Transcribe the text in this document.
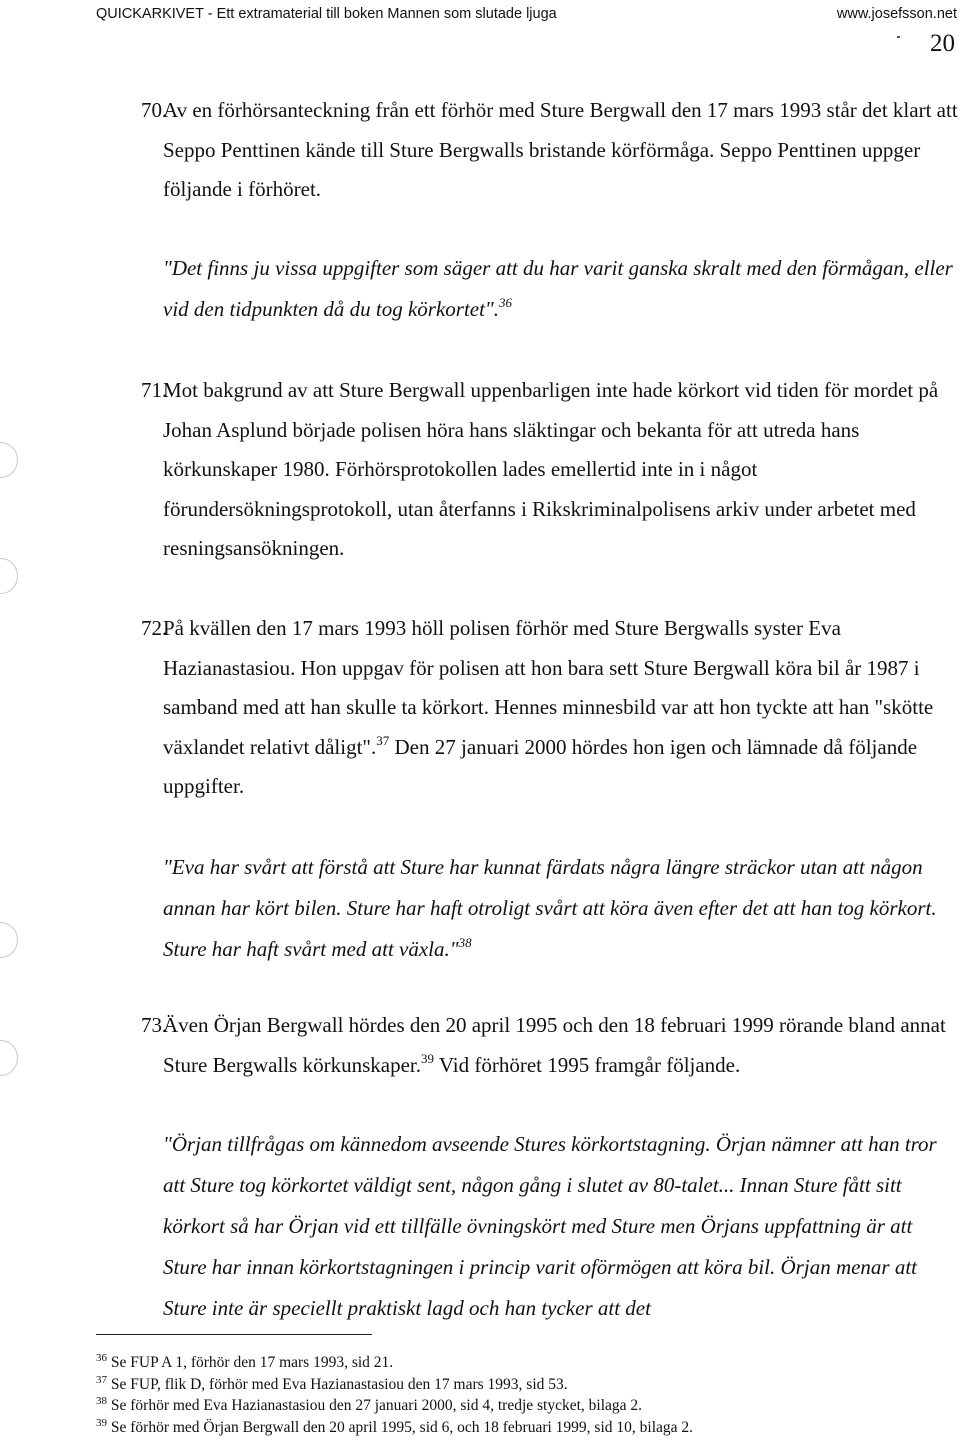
QUICKARKIVET - Ett extramaterial till boken Mannen som slutade ljuga	www.josefsson.net
20
70.
Av en förhörsanteckning från ett förhör med Sture Bergwall den 17 mars 1993 står det klart att Seppo Penttinen kände till Sture Bergwalls bristande körförmåga. Seppo Penttinen uppger följande i förhöret.
"Det finns ju vissa uppgifter som säger att du har varit ganska skralt med den förmågan, eller vid den tidpunkten då du tog körkortet".$^{36}$
71.
Mot bakgrund av att Sture Bergwall uppenbarligen inte hade körkort vid tiden för mordet på Johan Asplund började polisen höra hans släktingar och bekanta för att utreda hans körkunskaper 1980. Förhörsprotokollen lades emellertid inte in i något förundersökningsprotokoll, utan återfanns i Rikskriminalpolisens arkiv under arbetet med resningsansökningen.
72.
På kvällen den 17 mars 1993 höll polisen förhör med Sture Bergwalls syster Eva Hazianastasiou. Hon uppgav för polisen att hon bara sett Sture Bergwall köra bil år 1987 i samband med att han skulle ta körkort. Hennes minnesbild var att hon tyckte att han "skötte växlandet relativt dåligt".$^{37}$ Den 27 januari 2000 hördes hon igen och lämnade då följande uppgifter.
"Eva har svårt att förstå att Sture har kunnat färdats några längre sträckor utan att någon annan har kört bilen. Sture har haft otroligt svårt att köra även efter det att han tog körkort. Sture har haft svårt med att växla."$^{38}$
73.
Även Örjan Bergwall hördes den 20 april 1995 och den 18 februari 1999 rörande bland annat Sture Bergwalls körkunskaper.$^{39}$ Vid förhöret 1995 framgår följande.
"Örjan tillfrågas om kännedom avseende Stures körkortstagning. Örjan nämner att han tror att Sture tog körkortet väldigt sent, någon gång i slutet av 80-talet... Innan Sture fått sitt körkort så har Örjan vid ett tillfälle övningskört med Sture men Örjans uppfattning är att Sture har innan körkortstagningen i princip varit oförmögen att köra bil. Örjan menar att Sture inte är speciellt praktiskt lagd och han tycker att det
$^{36}$ Se FUP A 1, förhör den 17 mars 1993, sid 21.
$^{37}$ Se FUP, flik D, förhör med Eva Hazianastasiou den 17 mars 1993, sid 53.
$^{38}$ Se förhör med Eva Hazianastasiou den 27 januari 2000, sid 4, tredje stycket, bilaga 2.
$^{39}$ Se förhör med Örjan Bergwall den 20 april 1995, sid 6, och 18 februari 1999, sid 10, bilaga 2.
